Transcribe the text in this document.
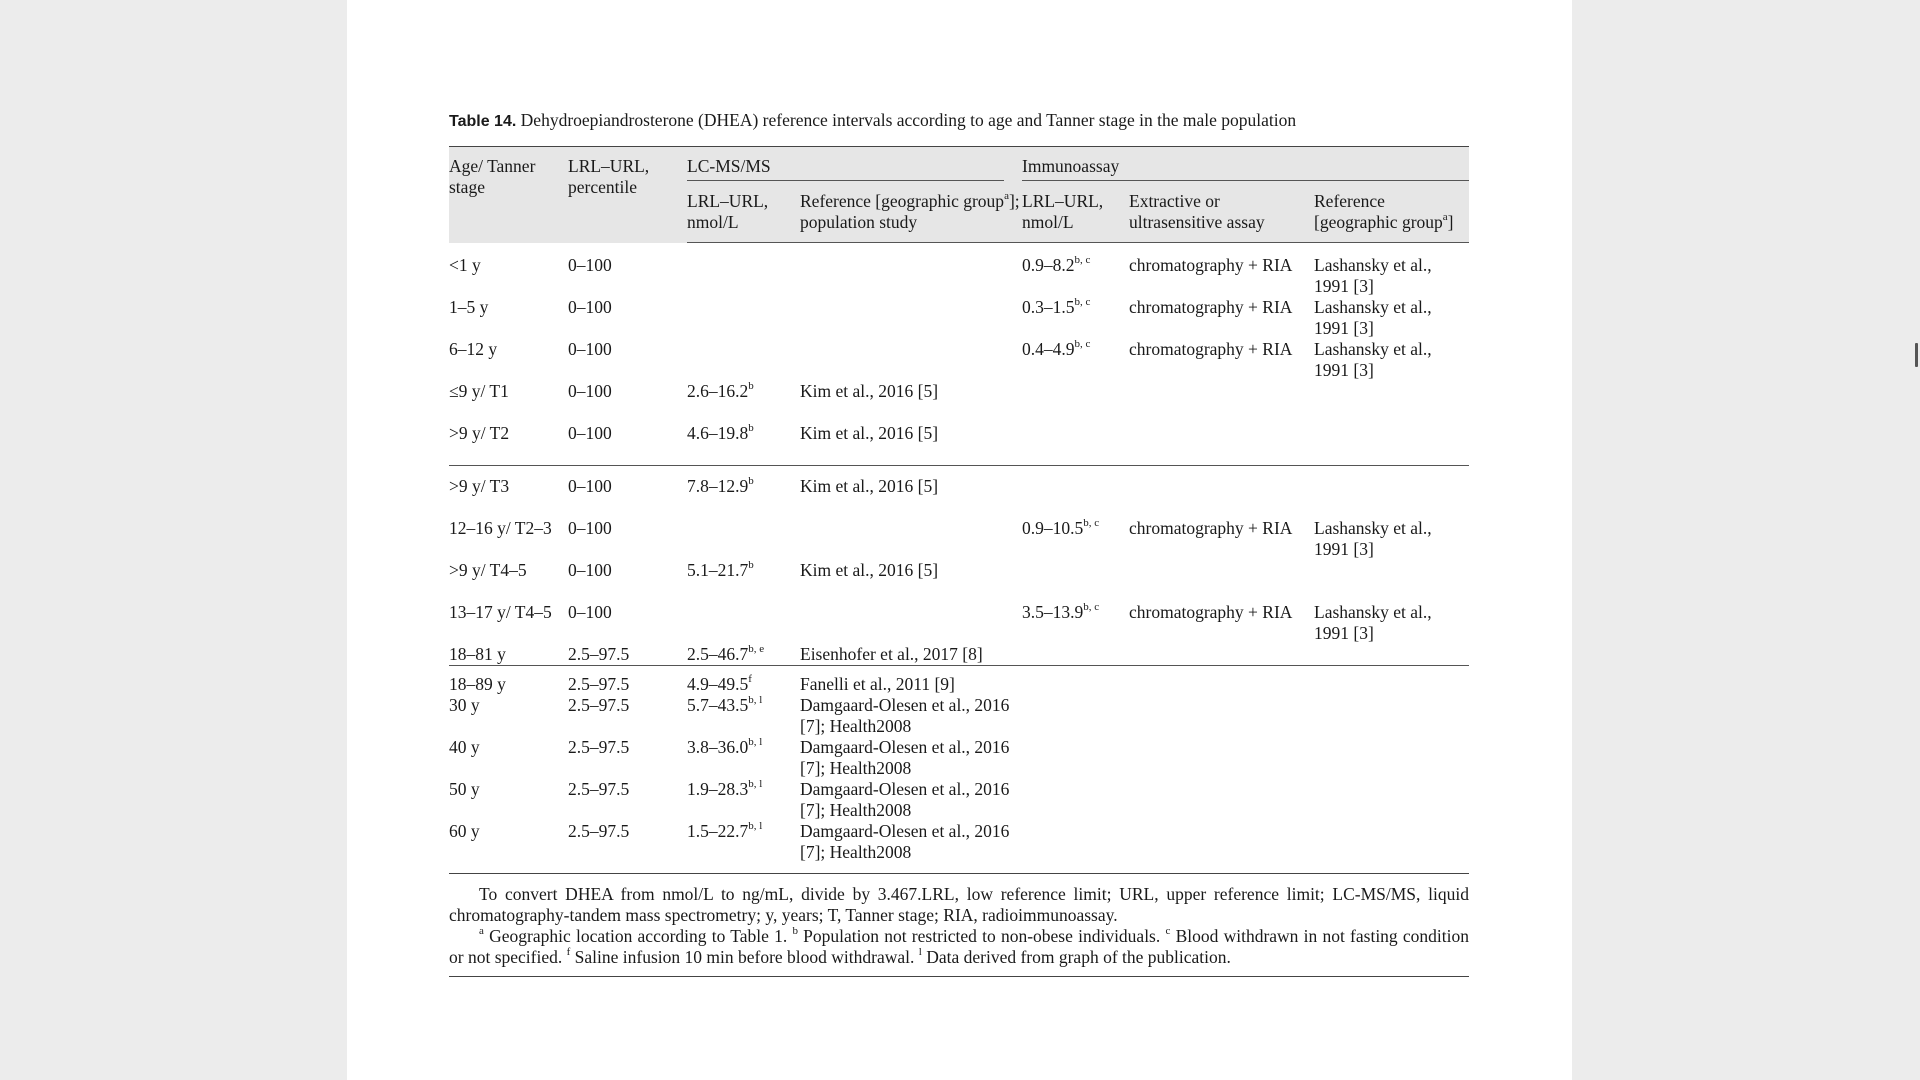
Table 14. Dehydroepiandrosterone (DHEA) reference intervals according to age and Tanner stage in the male population

Age/ Tanner stage	LRL–URL, percentile	LC-MS/MS		Immunoassay		

		LRL–URL, nmol/L	Reference [geographic group$^a$]; population study	LRL–URL, nmol/L	Extractive or ultrasensitive assay	Reference [geographic group$^a$]
<1 y	0–100			0.9–8.2$^{b, c}$	chromatography + RIA	Lashansky et al., 1991 [3]
1–5 y	0–100			0.3–1.5$^{b, c}$	chromatography + RIA	Lashansky et al., 1991 [3]
6–12 y	0–100			0.4–4.9$^{b, c}$	chromatography + RIA	Lashansky et al., 1991 [3]
≤9 y/ T1	0–100	2.6–16.2$^b$	Kim et al., 2016 [5]			
>9 y/ T2	0–100	4.6–19.8$^b$	Kim et al., 2016 [5]			
>9 y/ T3	0–100	7.8–12.9$^b$	Kim et al., 2016 [5]			
12–16 y/ T2–3	0–100			0.9–10.5$^{b, c}$	chromatography + RIA	Lashansky et al., 1991 [3]
>9 y/ T4–5	0–100	5.1–21.7$^b$	Kim et al., 2016 [5]			
13–17 y/ T4–5	0–100			3.5–13.9$^{b, c}$	chromatography + RIA	Lashansky et al., 1991 [3]
18–81 y	2.5–97.5	2.5–46.7$^{b, e}$	Eisenhofer et al., 2017 [8]			
18–89 y	2.5–97.5	4.9–49.5$^f$	Fanelli et al., 2011 [9]			
30 y	2.5–97.5	5.7–43.5$^{b, l}$	Damgaard-Olesen et al., 2016 [7]; Health2008			
40 y	2.5–97.5	3.8–36.0$^{b, l}$	Damgaard-Olesen et al., 2016 [7]; Health2008			
50 y	2.5–97.5	1.9–28.3$^{b, l}$	Damgaard-Olesen et al., 2016 [7]; Health2008			
60 y	2.5–97.5	1.5–22.7$^{b, l}$	Damgaard-Olesen et al., 2016 [7]; Health2008			

To convert DHEA from nmol/L to ng/mL, divide by 3.467.LRL, low reference limit; URL, upper reference limit; LC-MS/MS, liquid chromatography-tandem mass spectrometry; y, years; T, Tanner stage; RIA, radioimmunoassay.

$^a$ Geographic location according to Table 1. $^b$ Population not restricted to non-obese individuals. $^c$ Blood withdrawn in not fasting condition or not specified. $^f$ Saline infusion 10 min before blood withdrawal. $^l$ Data derived from graph of the publication.
